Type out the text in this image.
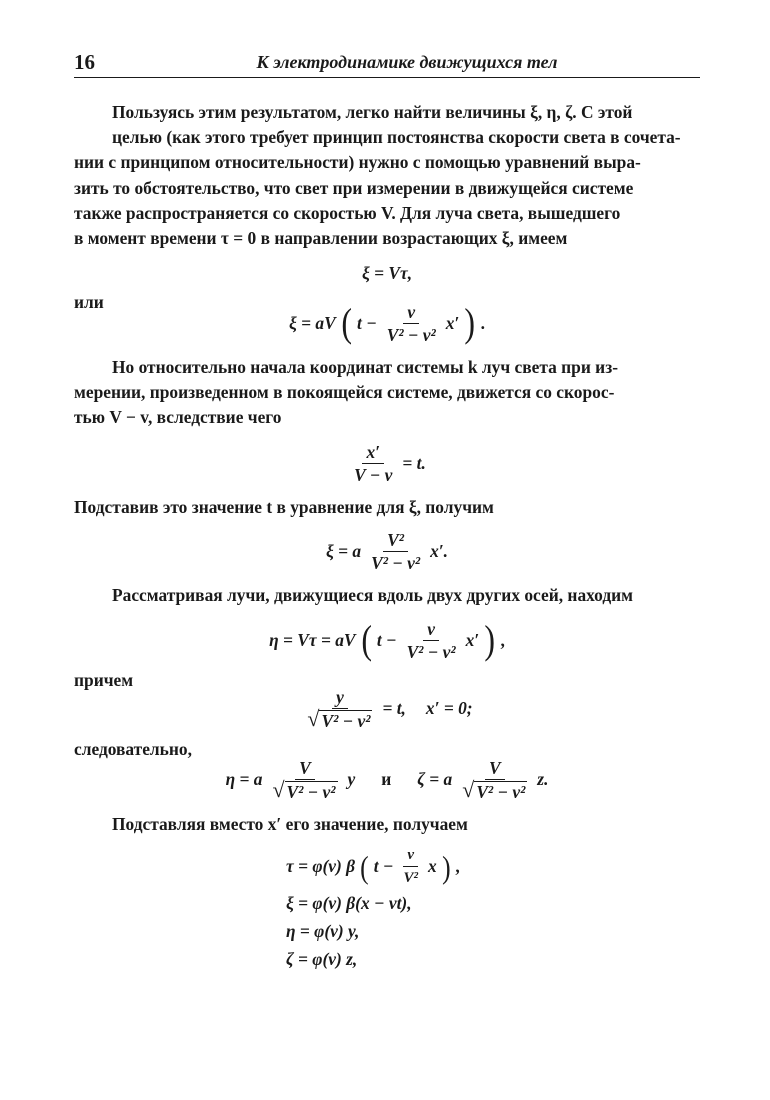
16	К электродинамике движущихся тел
Пользуясь этим результатом, легко найти величины ξ, η, ζ. С этой
целью (как этого требует принцип постоянства скорости света в сочета-
нии с принципом относительности) нужно с помощью уравнений выра-
зить то обстоятельство, что свет при измерении в движущейся системе
также распространяется со скоростью V. Для луча света, вышедшего
в момент времени τ = 0 в направлении возрастающих ξ, имеем
ξ = Vτ,
или
ξ = aV ( $t - \frac{v}{\text{V² − v²}} x'$ ) .
Но относительно начала координат системы k луч света при из-
мерении, произведенном в покоящейся системе, движется со скорос-
тью V − v, вследствие чего
$\frac{x'}{V - v} = t$.
Подставив это значение t в уравнение для ξ, получим
ξ = a $\frac{\text{V²}}{\text{V² − v²}} x'$.
Рассматривая лучи, движущиеся вдоль двух других осей, находим
η = Vτ = aV ( $t - \frac{v}{\text{V² − v²}} x'$ ) ,
причем
$\frac{y}{\text{√ V² − v²}} = t$, x′ = 0;
следовательно,
η = a $\frac{V}{\text{√ V² − v²}}$ y и ζ = a $\frac{V}{\text{√ V² − v²}} z$.
Подставляя вместо x′ его значение, получаем
τ = φ(v) β ( $t - \frac{v}{\text{V²}}$ x ) ,
ξ = φ(v) β(x − vt),
η = φ(v) y,
ζ = φ(v) z,
